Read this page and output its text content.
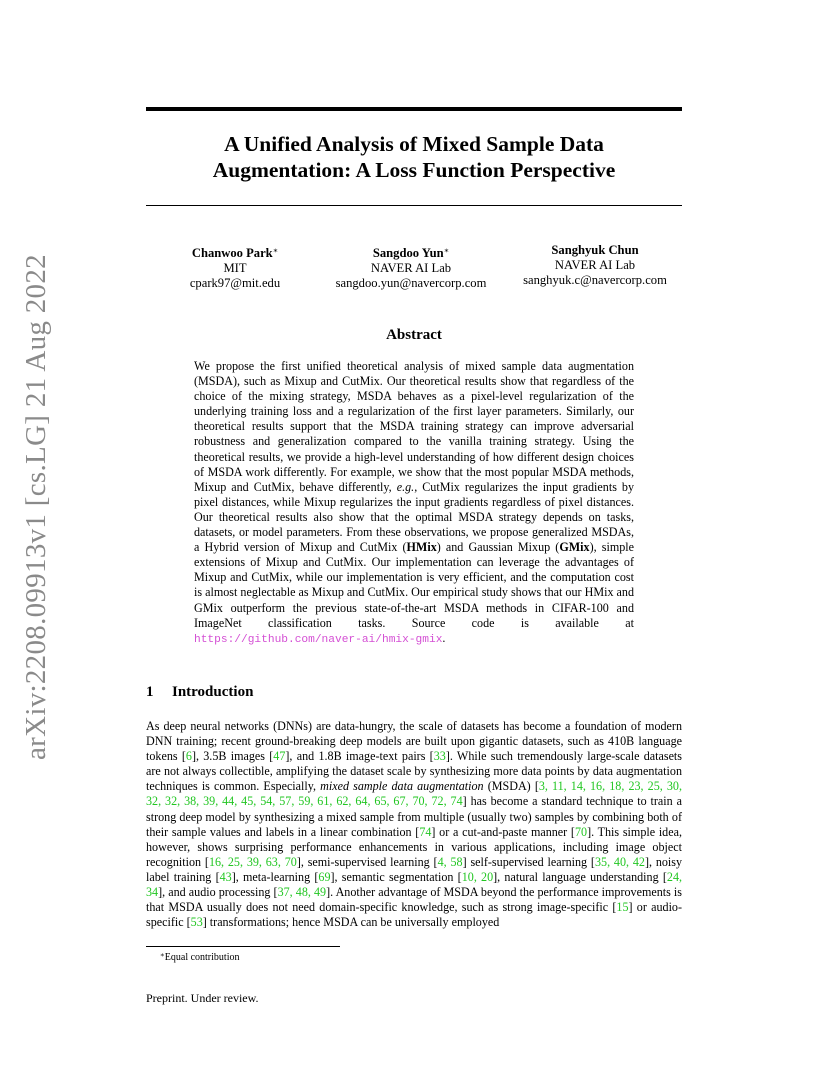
arXiv:2208.09913v1 [cs.LG] 21 Aug 2022
A Unified Analysis of Mixed Sample Data
Augmentation: A Loss Function Perspective
Chanwoo Park∗
MIT
cpark97@mit.edu
Sangdoo Yun∗
NAVER AI Lab
sangdoo.yun@navercorp.com
Sanghyuk Chun
NAVER AI Lab
sanghyuk.c@navercorp.com
Abstract

We propose the first unified theoretical analysis of mixed sample data augmentation (MSDA), such as Mixup and CutMix. Our theoretical results show that regardless of the choice of the mixing strategy, MSDA behaves as a pixel-level regularization of the underlying training loss and a regularization of the first layer parameters. Similarly, our theoretical results support that the MSDA training strategy can improve adversarial robustness and generalization compared to the vanilla training strategy. Using the theoretical results, we provide a high-level understanding of how different design choices of MSDA work differently. For example, we show that the most popular MSDA methods, Mixup and CutMix, behave differently, e.g., CutMix regularizes the input gradients by pixel distances, while Mixup regularizes the input gradients regardless of pixel distances. Our theoretical results also show that the optimal MSDA strategy depends on tasks, datasets, or model parameters. From these observations, we propose generalized MSDAs, a Hybrid version of Mixup and CutMix (HMix) and Gaussian Mixup (GMix), simple extensions of Mixup and CutMix. Our implementation can leverage the advantages of Mixup and CutMix, while our implementation is very efficient, and the computation cost is almost neglectable as Mixup and CutMix. Our empirical study shows that our HMix and GMix outperform the previous state-of-the-art MSDA methods in CIFAR-100 and ImageNet classification tasks. Source code is available at https://github.com/naver-ai/hmix-gmix.

1 Introduction

As deep neural networks (DNNs) are data-hungry, the scale of datasets has become a foundation of modern DNN training; recent ground-breaking deep models are built upon gigantic datasets, such as 410B language tokens [6], 3.5B images [47], and 1.8B image-text pairs [33]. While such tremendously large-scale datasets are not always collectible, amplifying the dataset scale by synthesizing more data points by data augmentation techniques is common. Especially, mixed sample data augmentation (MSDA) [3, 11, 14, 16, 18, 23, 25, 30, 32, 32, 38, 39, 44, 45, 54, 57, 59, 61, 62, 64, 65, 67, 70, 72, 74] has become a standard technique to train a strong deep model by synthesizing a mixed sample from multiple (usually two) samples by combining both of their sample values and labels in a linear combination [74] or a cut-and-paste manner [70]. This simple idea, however, shows surprising performance enhancements in various applications, including image object recognition [16, 25, 39, 63, 70], semi-supervised learning [4, 58] self-supervised learning [35, 40, 42], noisy label training [43], meta-learning [69], semantic segmentation [10, 20], natural language understanding [24, 34], and audio processing [37, 48, 49]. Another advantage of MSDA beyond the performance improvements is that MSDA usually does not need domain-specific knowledge, such as strong image-specific [15] or audio-specific [53] transformations; hence MSDA can be universally employed

∗Equal contribution
Preprint. Under review.
